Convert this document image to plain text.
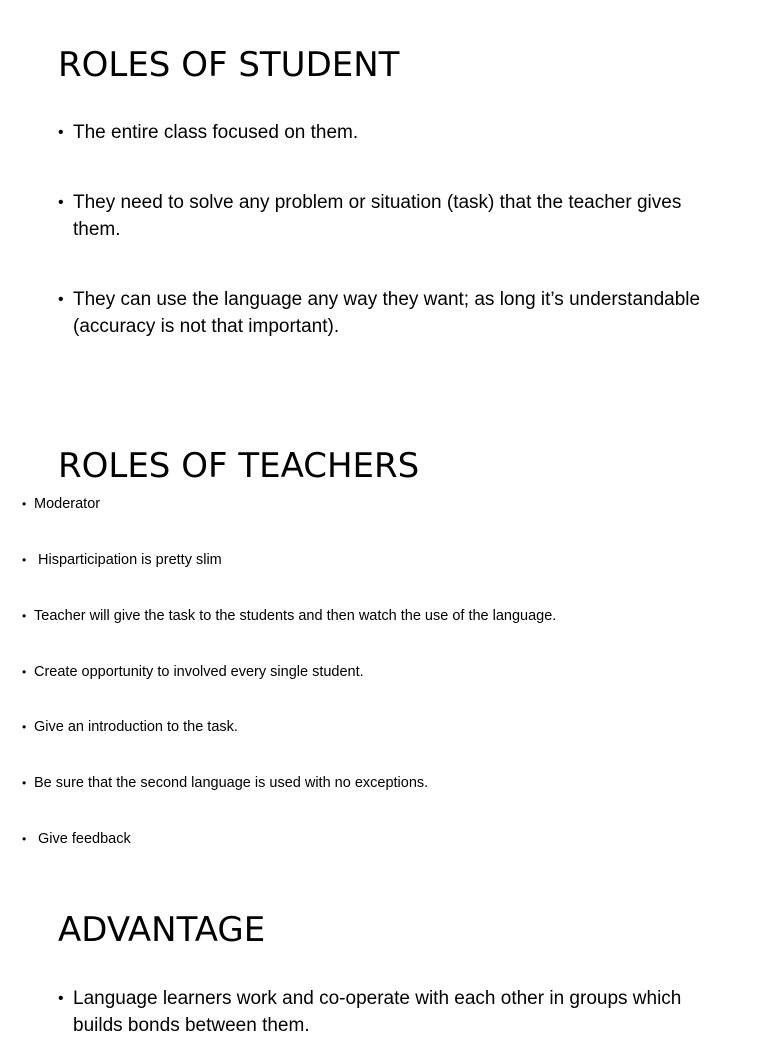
ROLES OF STUDENT
• The entire class focused on them.
• They need to solve any problem or situation (task) that the teacher gives them.
• They can use the language any way they want; as long it’s understandable (accuracy is not that important).
ROLES OF TEACHERS
• Moderator
• Hisparticipation is pretty slim
• Teacher will give the task to the students and then watch the use of the language.
• Create opportunity to involved every single student.
• Give an introduction to the task.
• Be sure that the second language is used with no exceptions.
• Give feedback
ADVANTAGE
• Language learners work and co-operate with each other in groups which builds bonds between them.
